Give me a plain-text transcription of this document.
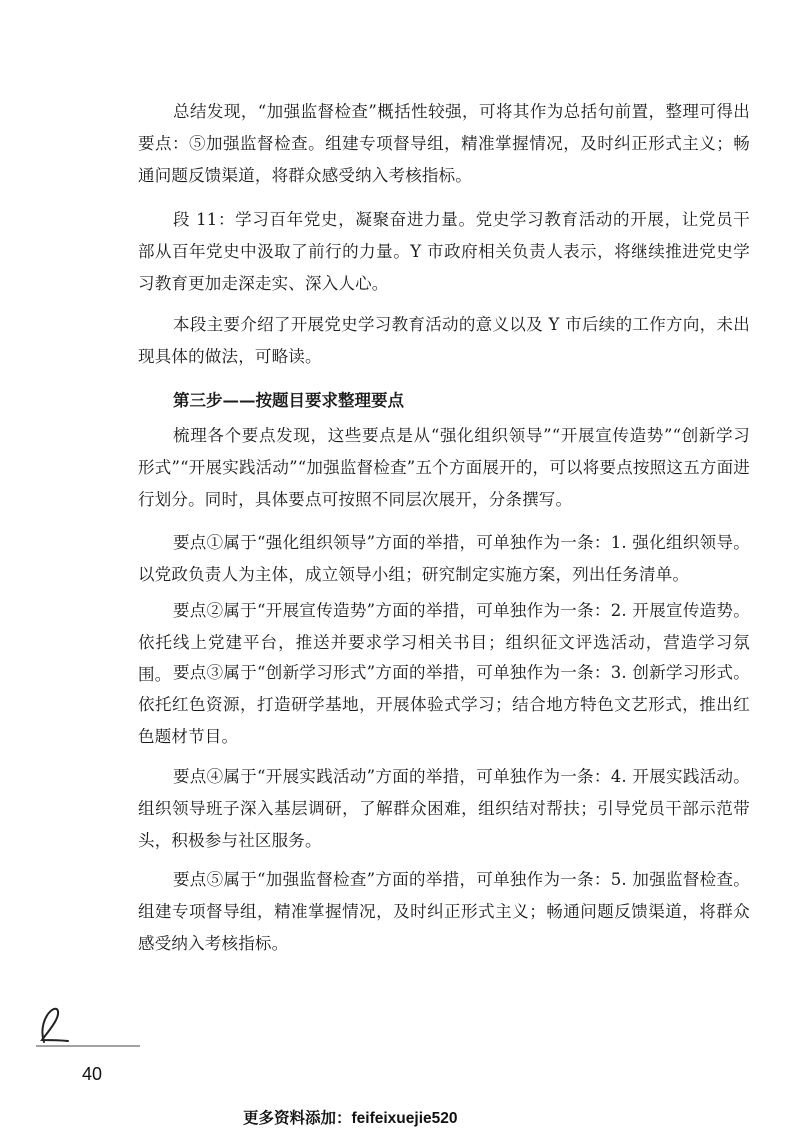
总结发现，“加强监督检查”概括性较强，可将其作为总括句前置，整理可得出要点：⑤加强监督检查。组建专项督导组，精准掌握情况，及时纠正形式主义；畅通问题反馈渠道，将群众感受纳入考核指标。

段 11：学习百年党史，凝聚奋进力量。党史学习教育活动的开展，让党员干部从百年党史中汲取了前行的力量。Y 市政府相关负责人表示，将继续推进党史学习教育更加走深走实、深入人心。

本段主要介绍了开展党史学习教育活动的意义以及 Y 市后续的工作方向，未出现具体的做法，可略读。

第三步——按题目要求整理要点

梳理各个要点发现，这些要点是从“强化组织领导”“开展宣传造势”“创新学习形式”“开展实践活动”“加强监督检查”五个方面展开的，可以将要点按照这五方面进行划分。同时，具体要点可按照不同层次展开，分条撰写。

要点①属于“强化组织领导”方面的举措，可单独作为一条：1. 强化组织领导。以党政负责人为主体，成立领导小组；研究制定实施方案，列出任务清单。

要点②属于“开展宣传造势”方面的举措，可单独作为一条：2. 开展宣传造势。依托线上党建平台，推送并要求学习相关书目；组织征文评选活动，营造学习氛围。 要点③属于“创新学习形式”方面的举措，可单独作为一条：3. 创新学习形式。依托红色资源，打造研学基地，开展体验式学习；结合地方特色文艺形式，推出红色题材节目。

要点④属于“开展实践活动”方面的举措，可单独作为一条：4. 开展实践活动。组织领导班子深入基层调研，了解群众困难，组织结对帮扶；引导党员干部示范带头，积极参与社区服务。

要点⑤属于“加强监督检查”方面的举措，可单独作为一条：5. 加强监督检查。组建专项督导组，精准掌握情况，及时纠正形式主义；畅通问题反馈渠道，将群众感受纳入考核指标。

40
更多资料添加：feifeixuejie520
